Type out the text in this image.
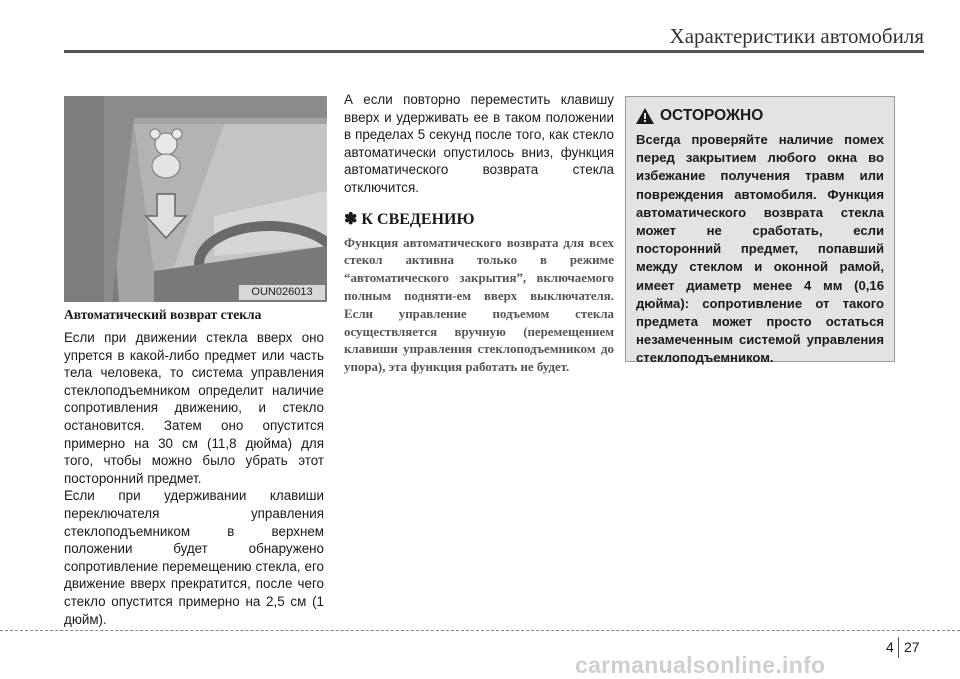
Характеристики автомобиля
OUN026013

Автоматический возврат стекла

Если при движении стекла вверх оно упрется в какой-либо предмет или часть тела человека, то система управления стеклоподъемником определит наличие сопротивления движению, и стекло остановится. Затем оно опустится примерно на 30 см (11,8 дюйма) для того, чтобы можно было убрать этот посторонний предмет.

Если при удерживании клавиши переключателя управления стеклоподъемником в верхнем положении будет обнаружено сопротивление перемещению стекла, его движение вверх прекратится, после чего стекло опустится примерно на 2,5 см (1 дюйм).

А если повторно переместить клавишу вверх и удерживать ее в таком положении в пределах 5 секунд после того, как стекло автоматически опустилось вниз, функция автоматического возврата стекла отключится.

✽ К СВЕДЕНИЮ

Функция автоматического возврата для всех стекол активна только в режиме “автоматического закрытия”, включаемого полным подняти-ем вверх выключателя. Если управление подъемом стекла осуществляется вручную (перемещением клавиши управления стеклоподъемником до упора), эта функция работать не будет.

ОСТОРОЖНО

Всегда проверяйте наличие помех перед закрытием любого окна во избежание получения травм или повреждения автомобиля. Функция автоматического возврата стекла может не сработать, если посторонний предмет, попавший между стеклом и оконной рамой, имеет диаметр менее 4 мм (0,16 дюйма): сопротивление от такого предмета может просто остаться незамеченным системой управления стеклоподъемником.

4 27
carmanualsonline.info
